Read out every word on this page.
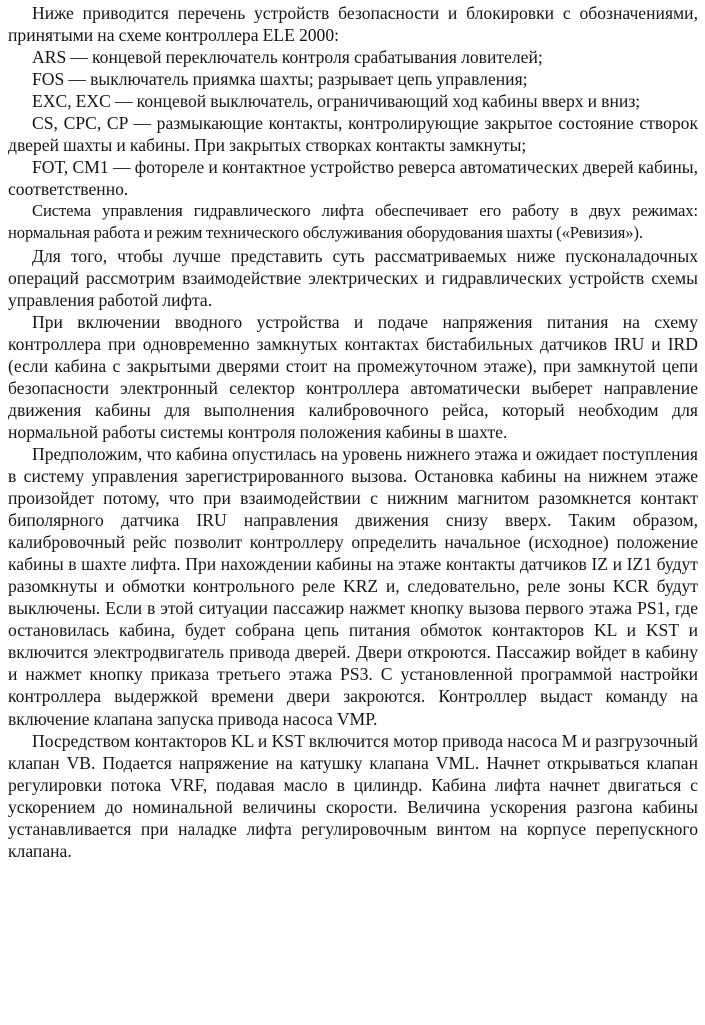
Ниже приводится перечень устройств безопасности и блокировки с обозначениями, принятыми на схеме контроллера ELE 2000:

ARS — концевой переключатель контроля срабатывания ловителей;

FOS — выключатель приямка шахты; разрывает цепь управления;

EXC, EXC — концевой выключатель, ограничивающий ход кабины вверх и вниз;

CS, CPC, CP — размыкающие контакты, контролирующие закрытое состояние створок дверей шахты и кабины. При закрытых створках контакты замкнуты;

FOT, CM1 — фотореле и контактное устройство реверса автоматических дверей кабины, соответственно.

Система управления гидравлического лифта обеспечивает его работу в двух режимах: нормальная работа и режим технического обслуживания оборудования шахты («Ревизия»).

Для того, чтобы лучше представить суть рассматриваемых ниже пусконаладочных операций рассмотрим взаимодействие электрических и гидравлических устройств схемы управления работой лифта.

При включении вводного устройства и подаче напряжения питания на схему контроллера при одновременно замкнутых контактах бистабильных датчиков IRU и IRD (если кабина с закрытыми дверями стоит на промежуточном этаже), при замкнутой цепи безопасности электронный селектор контроллера автоматически выберет направление движения кабины для выполнения калибровочного рейса, который необходим для нормальной работы системы контроля положения кабины в шахте.

Предположим, что кабина опустилась на уровень нижнего этажа и ожидает поступления в систему управления зарегистрированного вызова. Остановка кабины на нижнем этаже произойдет потому, что при взаимодействии с нижним магнитом разомкнется контакт биполярного датчика IRU направления движения снизу вверх. Таким образом, калибровочный рейс позволит контроллеру определить начальное (исходное) положение кабины в шахте лифта. При нахождении кабины на этаже контакты датчиков IZ и IZ1 будут разомкнуты и обмотки контрольного реле KRZ и, следовательно, реле зоны KCR будут выключены. Если в этой ситуации пассажир нажмет кнопку вызова первого этажа PS1, где остановилась кабина, будет собрана цепь питания обмоток контакторов KL и KST и включится электродвигатель привода дверей. Двери откроются. Пассажир войдет в кабину и нажмет кнопку приказа третьего этажа PS3. С установленной программой настройки контроллера выдержкой времени двери закроются. Контроллер выдаст команду на включение клапана запуска привода насоса VMP.

Посредством контакторов KL и KST включится мотор привода насоса M и разгрузочный клапан VB. Подается напряжение на катушку клапана VML. Начнет открываться клапан регулировки потока VRF, подавая масло в цилиндр. Кабина лифта начнет двигаться с ускорением до номинальной величины скорости. Величина ускорения разгона кабины устанавливается при наладке лифта регулировочным винтом на корпусе перепускного клапана.
